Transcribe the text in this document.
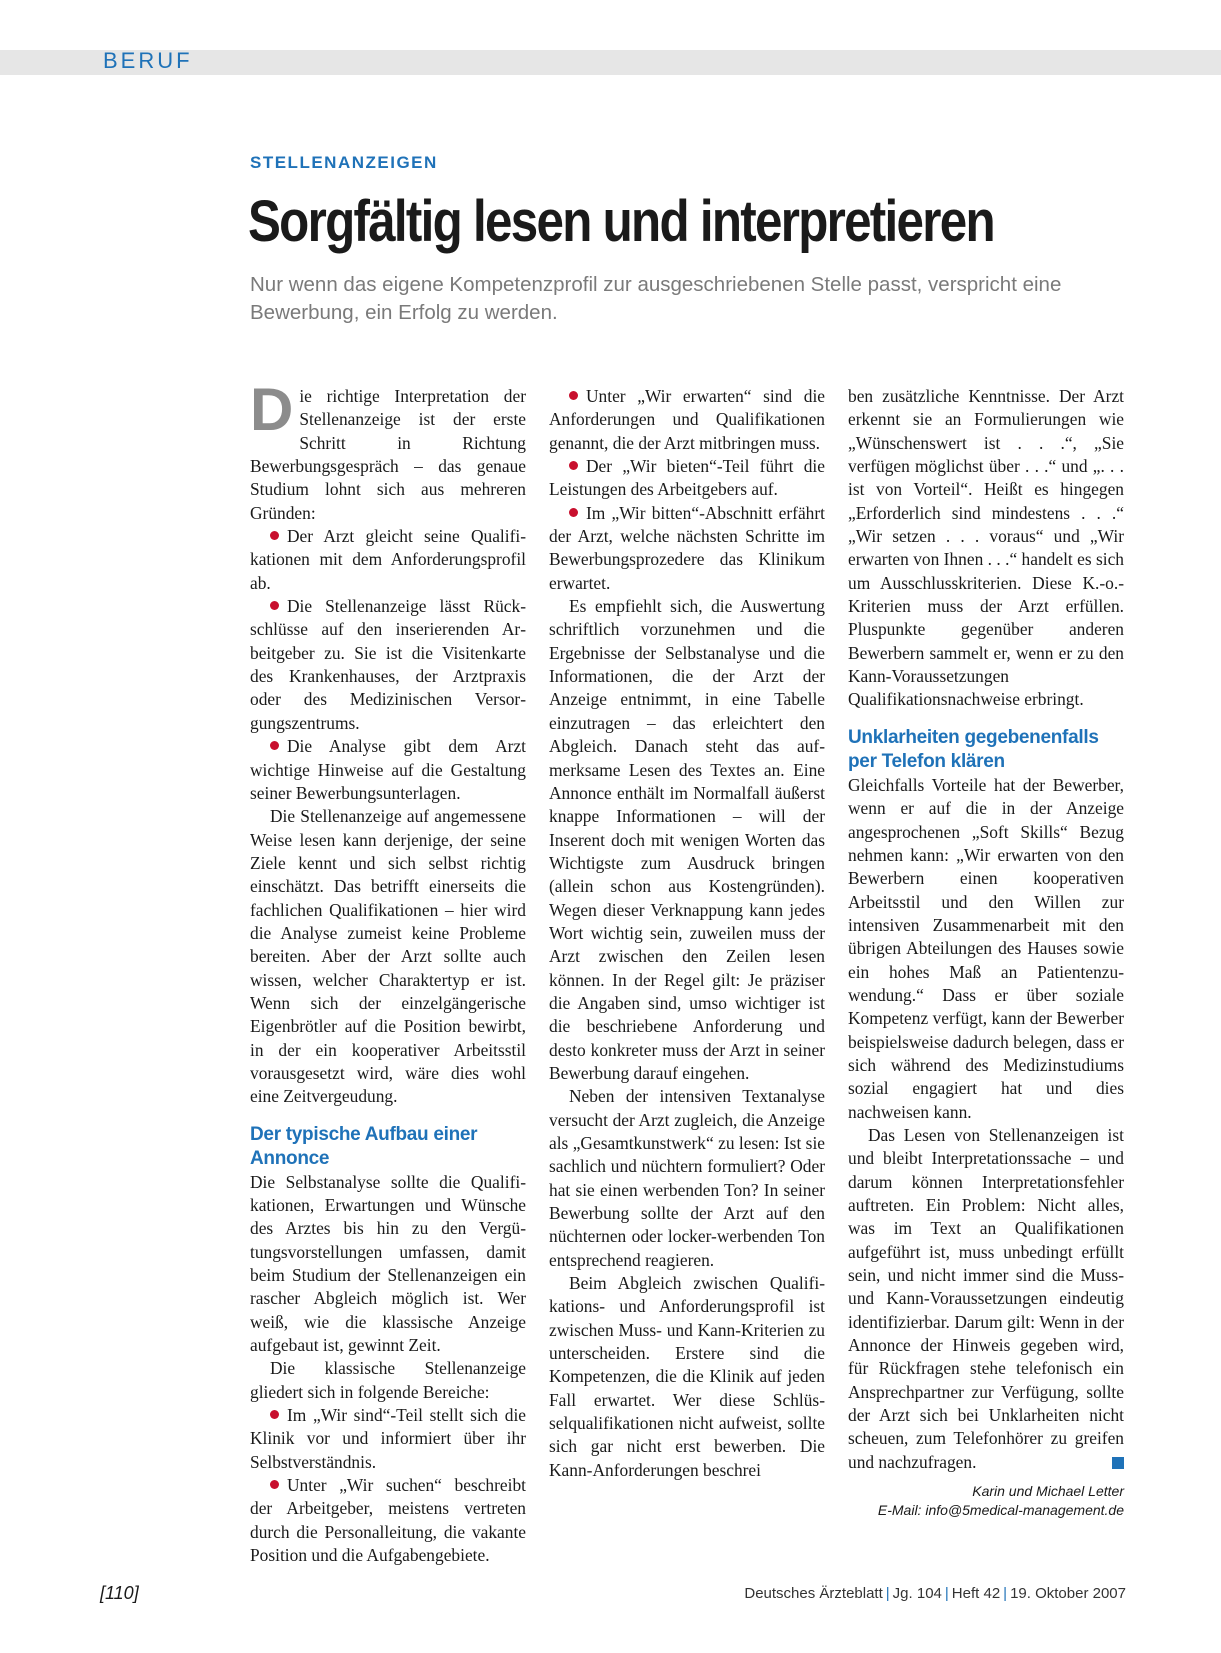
BERUF
STELLENANZEIGEN
Sorgfältig lesen und interpretieren
Nur wenn das eigene Kompetenzprofil zur ausgeschriebenen Stelle passt, verspricht eine Bewerbung, ein Erfolg zu werden.

Die richtige Interpretation der Stellenanzeige ist der erste Schritt in Richtung Bewerbungsgespräch – das genaue Studium lohnt sich aus mehreren Gründen:

Der Arzt gleicht seine Qualifikationen mit dem Anforderungsprofil ab.

Die Stellenanzeige lässt Rückschlüsse auf den inserierenden Arbeitgeber zu. Sie ist die Visitenkarte des Krankenhauses, der Arztpraxis oder des Medizinischen Versorgungszentrums.

Die Analyse gibt dem Arzt wichtige Hinweise auf die Gestaltung seiner Bewerbungsunterlagen.

Die Stellenanzeige auf angemessene Weise lesen kann derjenige, der seine Ziele kennt und sich selbst richtig einschätzt. Das betrifft einerseits die fachlichen Qualifikationen – hier wird die Analyse zumeist keine Probleme bereiten. Aber der Arzt sollte auch wissen, welcher Charaktertyp er ist. Wenn sich der einzelgängerische Eigenbrötler auf die Position bewirbt, in der ein kooperativer Arbeitsstil vorausgesetzt wird, wäre dies wohl eine Zeitvergeudung.

Der typische Aufbau einer Annonce

Die Selbstanalyse sollte die Qualifikationen, Erwartungen und Wünsche des Arztes bis hin zu den Vergütungsvorstellungen umfassen, damit beim Studium der Stellenanzeigen ein rascher Abgleich möglich ist. Wer weiß, wie die klassische Anzeige aufgebaut ist, gewinnt Zeit.

Die klassische Stellenanzeige gliedert sich in folgende Bereiche:

Im „Wir sind“-Teil stellt sich die Klinik vor und informiert über ihr Selbstverständnis.

Unter „Wir suchen“ beschreibt der Arbeitgeber, meistens vertreten durch die Personalleitung, die vakante Position und die Aufgabengebiete.

Unter „Wir erwarten“ sind die Anforderungen und Qualifikationen genannt, die der Arzt mitbringen muss.

Der „Wir bieten“-Teil führt die Leistungen des Arbeitgebers auf.

Im „Wir bitten“-Abschnitt erfährt der Arzt, welche nächsten Schritte im Bewerbungsprozedere das Klinikum erwartet.

Es empfiehlt sich, die Auswertung schriftlich vorzunehmen und die Ergebnisse der Selbstanalyse und die Informationen, die der Arzt der Anzeige entnimmt, in eine Tabelle einzutragen – das erleichtert den Abgleich. Danach steht das aufmerksame Lesen des Textes an. Eine Annonce enthält im Normalfall äußerst knappe Informationen – will der Inserent doch mit wenigen Worten das Wichtigste zum Ausdruck bringen (allein schon aus Kostengründen). Wegen dieser Verknappung kann jedes Wort wichtig sein, zuweilen muss der Arzt zwischen den Zeilen lesen können. In der Regel gilt: Je präziser die Angaben sind, umso wichtiger ist die beschriebene Anforderung und desto konkreter muss der Arzt in seiner Bewerbung darauf eingehen.

Neben der intensiven Textanalyse versucht der Arzt zugleich, die Anzeige als „Gesamtkunstwerk“ zu lesen: Ist sie sachlich und nüchtern formuliert? Oder hat sie einen werbenden Ton? In seiner Bewerbung sollte der Arzt auf den nüchternen oder locker-werbenden Ton entsprechend reagieren.

Beim Abgleich zwischen Qualifikations- und Anforderungsprofil ist zwischen Muss- und Kann-Kriterien zu unterscheiden. Erstere sind die Kompetenzen, die die Klinik auf jeden Fall erwartet. Wer diese Schlüsselqualifikationen nicht aufweist, sollte sich gar nicht erst bewerben. Die Kann-Anforderungen beschrei

ben zusätzliche Kenntnisse. Der Arzt erkennt sie an Formulierungen wie „Wünschenswert ist . . .“, „Sie verfügen möglichst über . . .“ und „. . . ist von Vorteil“. Heißt es hingegen „Erforderlich sind mindestens . . .“ „Wir setzen . . . voraus“ und „Wir erwarten von Ihnen . . .“ handelt es sich um Ausschlusskriterien. Diese K.-o.-Kriterien muss der Arzt erfüllen. Pluspunkte gegenüber anderen Bewerbern sammelt er, wenn er zu den Kann-Voraussetzungen Qualifikationsnachweise erbringt.

Unklarheiten gegebenenfalls per Telefon klären

Gleichfalls Vorteile hat der Bewerber, wenn er auf die in der Anzeige angesprochenen „Soft Skills“ Bezug nehmen kann: „Wir erwarten von den Bewerbern einen kooperativen Arbeitsstil und den Willen zur intensiven Zusammenarbeit mit den übrigen Abteilungen des Hauses sowie ein hohes Maß an Patientenzuwendung.“ Dass er über soziale Kompetenz verfügt, kann der Bewerber beispielsweise dadurch belegen, dass er sich während des Medizinstudiums sozial engagiert hat und dies nachweisen kann.

Das Lesen von Stellenanzeigen ist und bleibt Interpretationssache – und darum können Interpretationsfehler auftreten. Ein Problem: Nicht alles, was im Text an Qualifikationen aufgeführt ist, muss unbedingt erfüllt sein, und nicht immer sind die Muss- und Kann-Voraussetzungen eindeutig identifizierbar. Darum gilt: Wenn in der Annonce der Hinweis gegeben wird, für Rückfragen stehe telefonisch ein Ansprechpartner zur Verfügung, sollte der Arzt sich bei Unklarheiten nicht scheuen, zum Telefonhörer zu greifen und nachzufragen.

Karin und Michael Letter
E-Mail: info@5medical-management.de
[110]	Deutsches Ärzteblatt | Jg. 104 | Heft 42 | 19. Oktober 2007
